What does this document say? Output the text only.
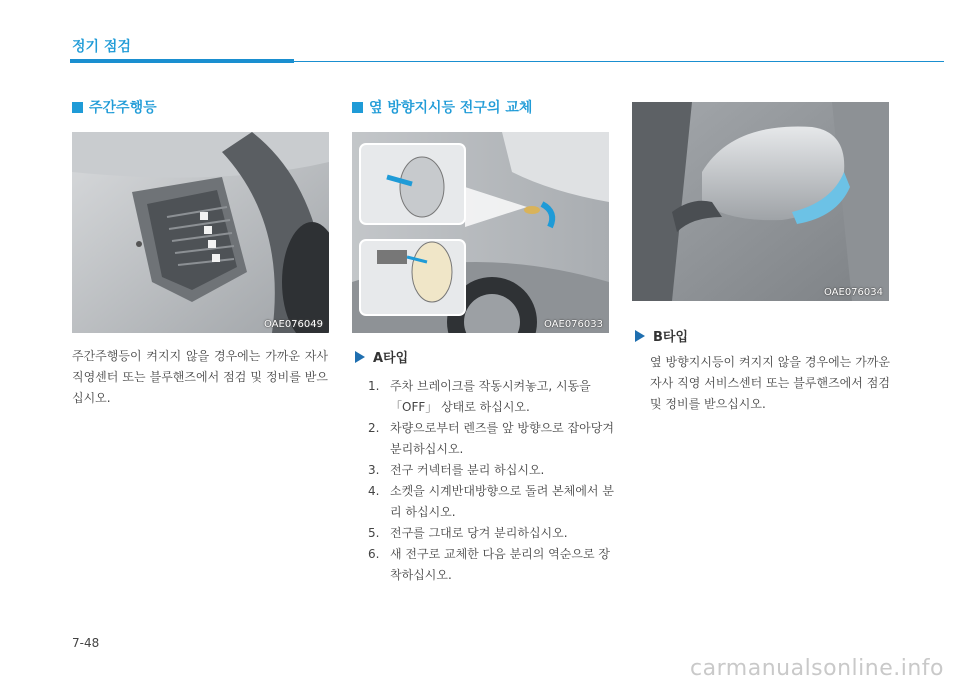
정기 점검
주간주행등
OAE076049
주간주행등이 켜지지 않을 경우에는 가까운 자사 직영센터 또는 블루핸즈에서 점검 및 정비를 받으십시오.
옆 방향지시등 전구의 교체
OAE076033
A타입
1. 주차 브레이크를 작동시켜놓고, 시동을 「OFF」 상태로 하십시오.
2. 차량으로부터 렌즈를 앞 방향으로 잡아당겨 분리하십시오.
3. 전구 커넥터를 분리 하십시오.
4. 소켓을 시계반대방향으로 돌려 본체에서 분리 하십시오.
5. 전구를 그대로 당겨 분리하십시오.
6. 새 전구로 교체한 다음 분리의 역순으로 장착하십시오.
OAE076034
B타입
옆 방향지시등이 켜지지 않을 경우에는 가까운 자사 직영 서비스센터 또는 블루핸즈에서 점검 및 정비를 받으십시오.
7-48
carmanualsonline.info
